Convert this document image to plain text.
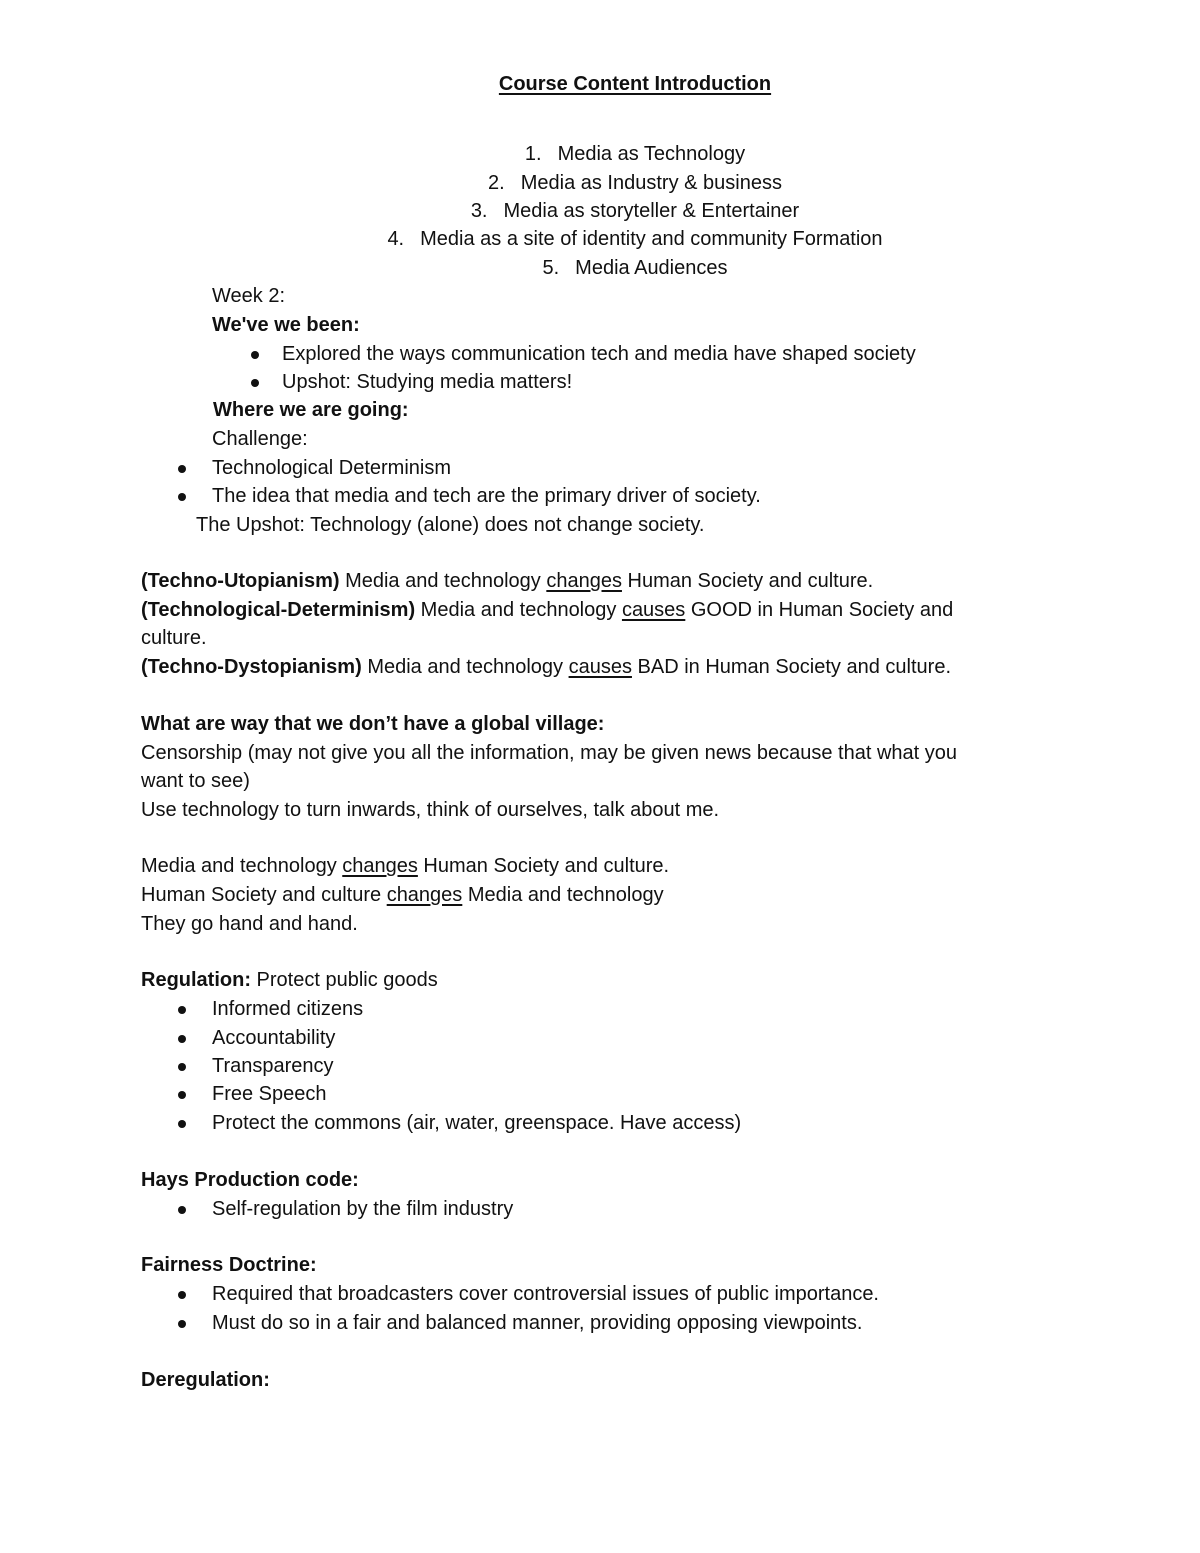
Course Content Introduction
1. Media as Technology
2. Media as Industry & business
3. Media as storyteller & Entertainer
4. Media as a site of identity and community Formation
5. Media Audiences
Week 2:
We've we been:
Explored the ways communication tech and media have shaped society
Upshot: Studying media matters!
Where we are going:
Challenge:
Technological Determinism
The idea that media and tech are the primary driver of society.
The Upshot: Technology (alone) does not change society.
(Techno-Utopianism) Media and technology changes Human Society and culture.
(Technological-Determinism) Media and technology causes GOOD in Human Society and
culture.
(Techno-Dystopianism) Media and technology causes BAD in Human Society and culture.
What are way that we don’t have a global village:
Censorship (may not give you all the information, may be given news because that what you
want to see)
Use technology to turn inwards, think of ourselves, talk about me.
Media and technology changes Human Society and culture.
Human Society and culture changes Media and technology
They go hand and hand.
Regulation: Protect public goods
Informed citizens
Accountability
Transparency
Free Speech
Protect the commons (air, water, greenspace. Have access)
Hays Production code:
Self-regulation by the film industry
Fairness Doctrine:
Required that broadcasters cover controversial issues of public importance.
Must do so in a fair and balanced manner, providing opposing viewpoints.
Deregulation:
